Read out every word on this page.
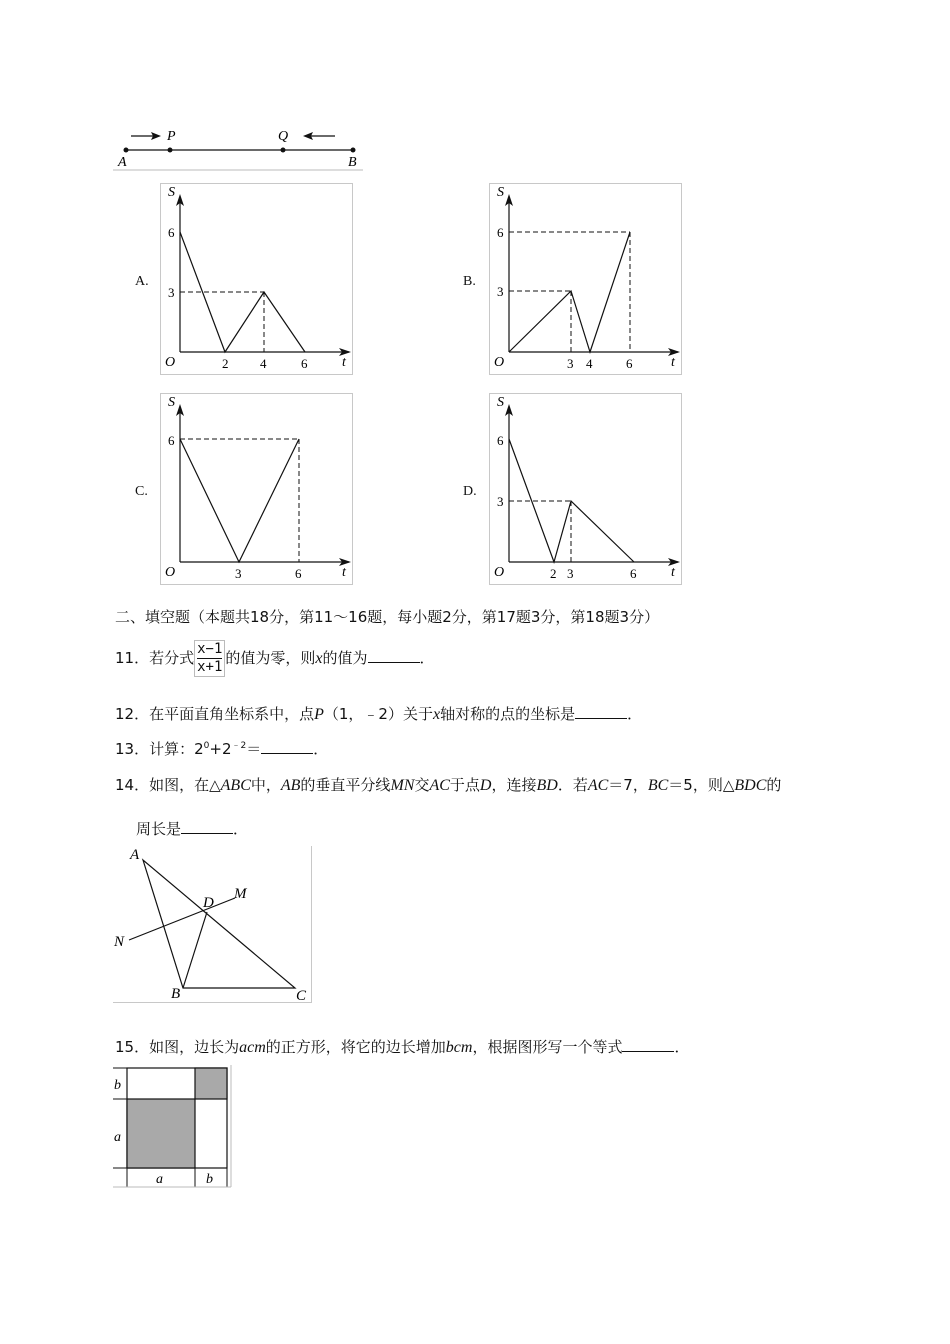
A
P	Q
B
A.
S
t
O
6
3
2 4	6
B.
S
t
O
6
3
3 4	6
C.
S
t
O
6
3	6
D.
S
t
O
6
3
2 3	6
二、填空题（本题共18分，第11～16题，每小题2分，第17题3分，第18题3分）
11．若分式 $\frac{x-1}{x+1}$ 的值为零，则x的值为	．
12．在平面直角坐标系中，点P（1，﹣2）关于x轴对称的点的坐标是	．
13．计算：$2^0+2^{﹣2}=$	．
14．如图，在△ABC中，AB的垂直平分线MN交AC于点D，连接BD．若AC＝7，BC＝5，则△BDC的
周长是	．
A
D
M
N
B	C
15．如图，边长为acm的正方形，将它的边长增加bcm，根据图形写一个等式	．
b
a
a	b
